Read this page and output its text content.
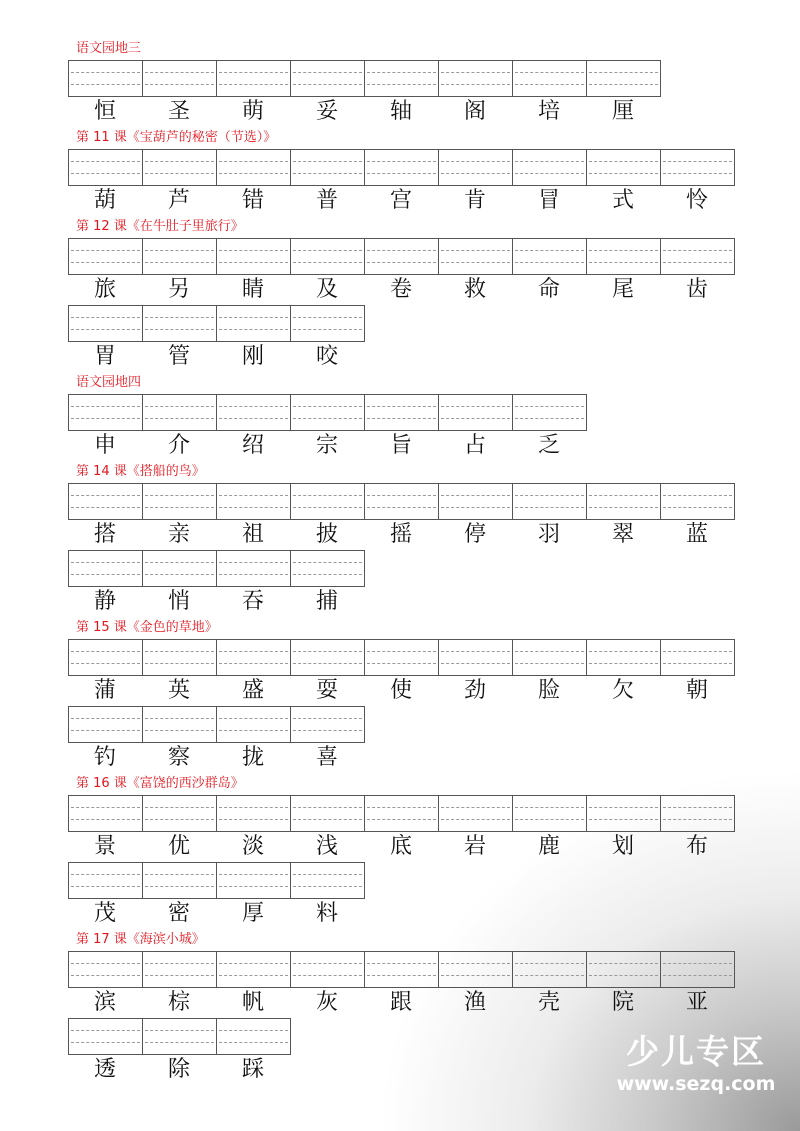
语文园地三
恒	圣	萌	妥	轴	阁	培	厘
第 11 课《宝葫芦的秘密（节选）》
葫	芦	错	普	宫	肯	冒	式	怜
第 12 课《在牛肚子里旅行》
旅	另	睛	及	卷	救	命	尾	齿
胃	管	刚	咬
语文园地四
申	介	绍	宗	旨	占	乏
第 14 课《搭船的鸟》
搭	亲	祖	披	摇	停	羽	翠	蓝
静	悄	吞	捕
第 15 课《金色的草地》
蒲	英	盛	耍	使	劲	脸	欠	朝
钓	察	拢	喜
第 16 课《富饶的西沙群岛》
景	优	淡	浅	底	岩	鹿	划	布
茂	密	厚	料
第 17 课《海滨小城》
滨	棕	帆	灰	跟	渔	壳	院	亚
透	除	踩	少儿专区
www.sezq.com
